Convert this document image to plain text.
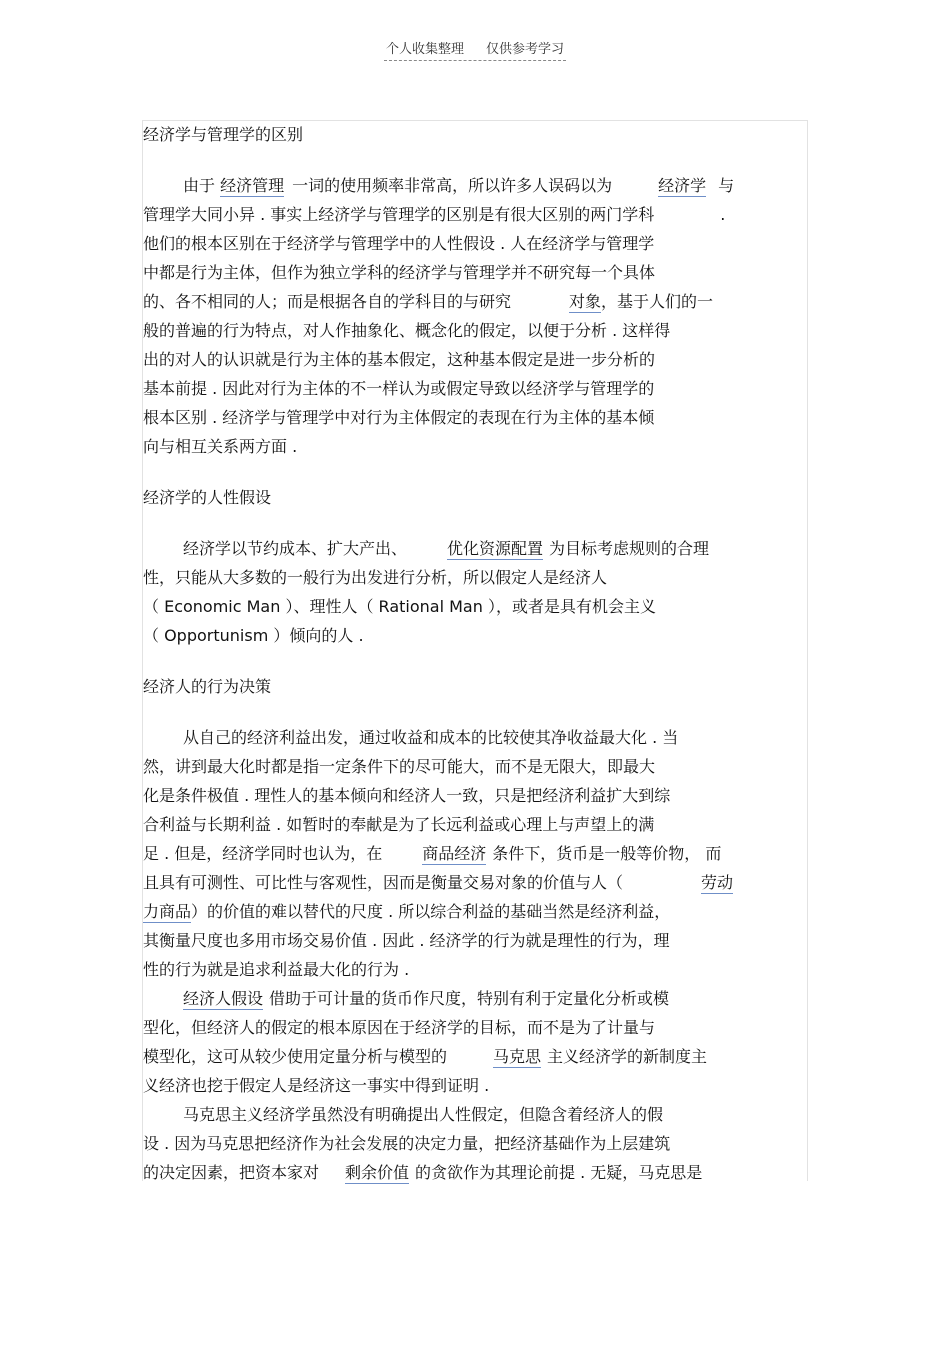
个人收集整理 仅供参考学习
经济学与管理学的区别
由于 经济管理 一词的使用频率非常高，所以许多人误码以为	经济学 与
管理学大同小异 . 事实上经济学与管理学的区别是有很大区别的两门学科	.
他们的根本区别在于经济学与管理学中的人性假设 . 人在经济学与管理学
中都是行为主体，但作为独立学科的经济学与管理学并不研究每一个具体
的、各不相同的人；而是根据各自的学科目的与研究	对象，基于人们的一
般的普遍的行为特点，对人作抽象化、概念化的假定，以便于分析 . 这样得
出的对人的认识就是行为主体的基本假定，这种基本假定是进一步分析的
基本前提 . 因此对行为主体的不一样认为或假定导致以经济学与管理学的
根本区别 . 经济学与管理学中对行为主体假定的表现在行为主体的基本倾
向与相互关系两方面 .
经济学的人性假设
经济学以节约成本、扩大产出、	优化资源配置 为目标考虑规则的合理
性，只能从大多数的一般行为出发进行分析，所以假定人是经济人
（ Economic Man ）、理性人（ Rational Man ），或者是具有机会主义
（ Opportunism ）倾向的人 .
经济人的行为决策
从自己的经济利益出发，通过收益和成本的比较使其净收益最大化 . 当
然，讲到最大化时都是指一定条件下的尽可能大，而不是无限大，即最大
化是条件极值 . 理性人的基本倾向和经济人一致，只是把经济利益扩大到综
合利益与长期利益 . 如暂时的奉献是为了长远利益或心理上与声望上的满
足 . 但是，经济学同时也认为，在	商品经济 条件下，货币是一般等价物， 而
且具有可测性、可比性与客观性，因而是衡量交易对象的价值与人（	劳动
力商品）的价值的难以替代的尺度 . 所以综合利益的基础当然是经济利益，
其衡量尺度也多用市场交易价值 . 因此 . 经济学的行为就是理性的行为，理
性的行为就是追求利益最大化的行为 .
经济人假设 借助于可计量的货币作尺度，特别有利于定量化分析或模
型化，但经济人的假定的根本原因在于经济学的目标，而不是为了计量与
模型化，这可从较少使用定量分析与模型的	马克思 主义经济学的新制度主
义经济也挖于假定人是经济这一事实中得到证明 .
马克思主义经济学虽然没有明确提出人性假定，但隐含着经济人的假
设 . 因为马克思把经济作为社会发展的决定力量，把经济基础作为上层建筑
的决定因素，把资本家对 剩余价值 的贪欲作为其理论前提 . 无疑，马克思是
